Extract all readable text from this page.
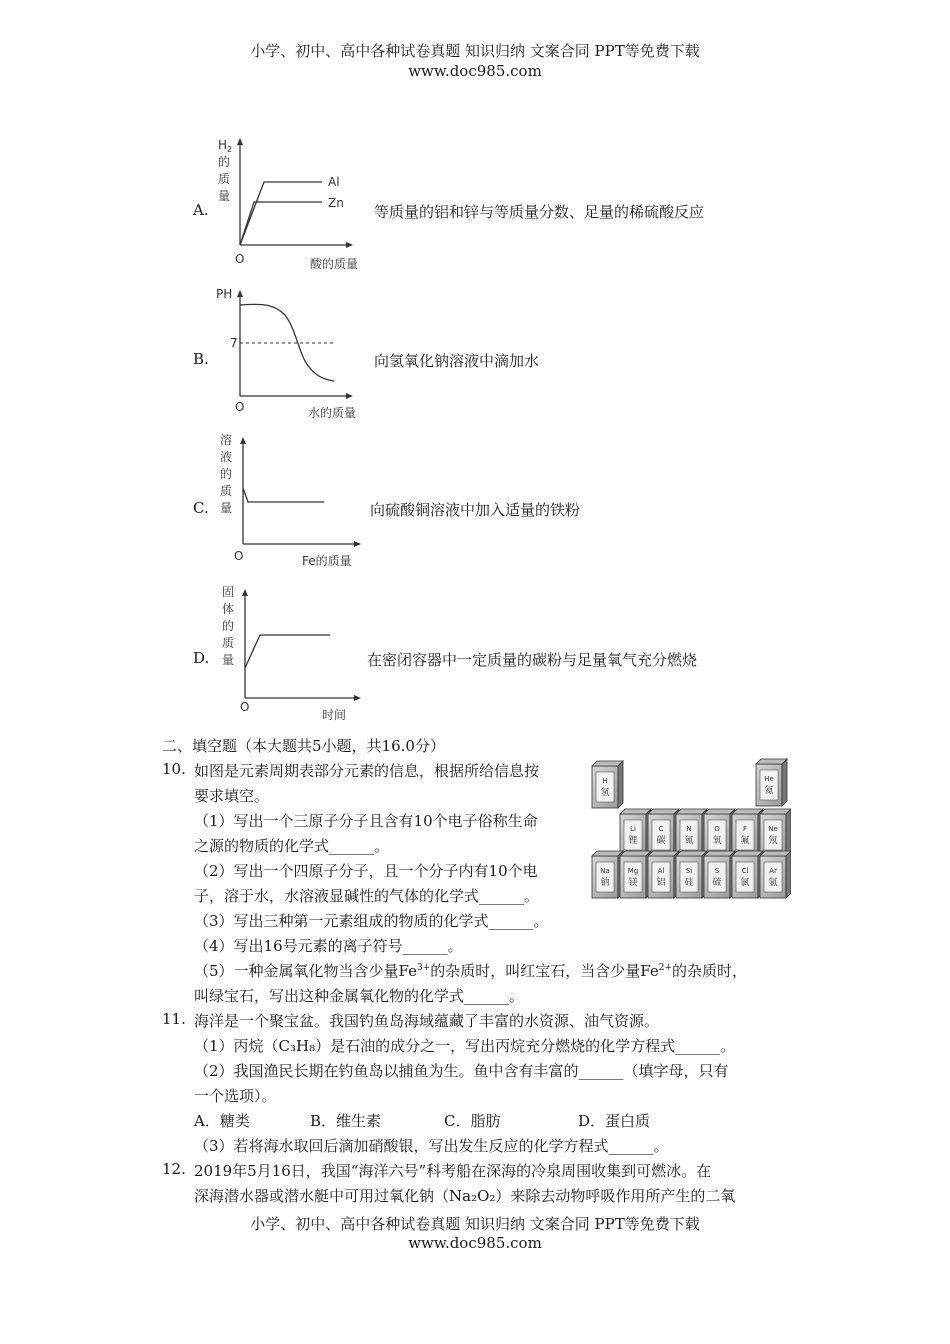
小学、初中、高中各种试卷真题 知识归纳 文案合同 PPT等免费下载
www.doc985.com
A.
H 2
的
质
量
Al
Zn
O	酸的质量
等质量的铝和锌与等质量分数、足量的稀硫酸反应
B.
PH
7
O	水的质量
向氢氧化钠溶液中滴加水
C.
溶
液
的
质
量
O	Fe的质量
向硫酸铜溶液中加入适量的铁粉
D.
固
体
的
质
量
O
时间
在密闭容器中一定质量的碳粉与足量氧气充分燃烧
二、填空题（本大题共5小题，共16.0分）
10. 如图是元素周期表部分元素的信息，根据所给信息按
要求填空。
（1）写出一个三原子分子且含有10个电子俗称生命
之源的物质的化学式______。
（2）写出一个四原子分子，且一个分子内有10个电
子，溶于水，水溶液显碱性的气体的化学式______。
（3）写出三种第一元素组成的物质的化学式______。
（4）写出16号元素的离子符号______。
（5）一种金属氧化物当含少量$Fe^{3+}$的杂质时，叫红宝石，当含少量$Fe^{2+}$的杂质时，
叫绿宝石，写出这种金属氧化物的化学式______。
H
氢
He
氦
Li
锂
C
碳
N
氮
O
氧
F
氟
Ne
氖
Na
钠
Mg
镁
Al
铝
Si
硅
S
硫
Cl
氯
Ar
氩
11. 海洋是一个聚宝盆。我国钓鱼岛海域蕴藏了丰富的水资源、油气资源。
（1）丙烷（C₃H₈）是石油的成分之一，写出丙烷充分燃烧的化学方程式______。
（2）我国渔民长期在钓鱼岛以捕鱼为生。鱼中含有丰富的______（填字母，只有
一个选项）。
A．糖类	B．维生素	C．脂肪	D．蛋白质
（3）若将海水取回后滴加硝酸银，写出发生反应的化学方程式______。
12. 2019年5月16日，我国“海洋六号”科考船在深海的冷泉周围收集到可燃冰。在
深海潜水器或潜水艇中可用过氧化钠（Na₂O₂）来除去动物呼吸作用所产生的二氧
小学、初中、高中各种试卷真题 知识归纳 文案合同 PPT等免费下载
www.doc985.com
